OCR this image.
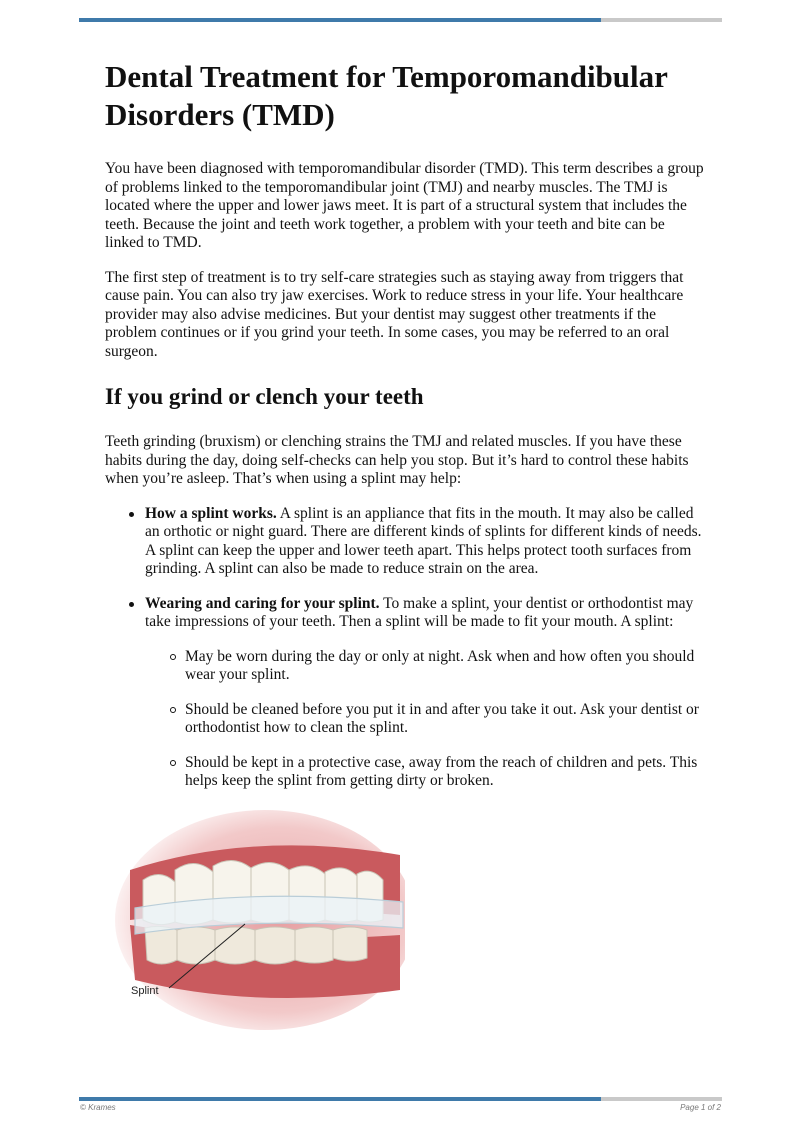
Dental Treatment for Temporomandibular Disorders (TMD)

You have been diagnosed with temporomandibular disorder (TMD). This term describes a group of problems linked to the temporomandibular joint (TMJ) and nearby muscles. The TMJ is located where the upper and lower jaws meet. It is part of a structural system that includes the teeth. Because the joint and teeth work together, a problem with your teeth and bite can be linked to TMD.

The first step of treatment is to try self-care strategies such as staying away from triggers that cause pain. You can also try jaw exercises. Work to reduce stress in your life. Your healthcare provider may also advise medicines. But your dentist may suggest other treatments if the problem continues or if you grind your teeth. In some cases, you may be referred to an oral surgeon.

If you grind or clench your teeth

Teeth grinding (bruxism) or clenching strains the TMJ and related muscles. If you have these habits during the day, doing self-checks can help you stop. But it’s hard to control these habits when you’re asleep. That’s when using a splint may help:

How a splint works. A splint is an appliance that fits in the mouth. It may also be called an orthotic or night guard. There are different kinds of splints for different kinds of needs. A splint can keep the upper and lower teeth apart. This helps protect tooth surfaces from grinding. A splint can also be made to reduce strain on the area.
Wearing and caring for your splint. To make a splint, your dentist or orthodontist may take impressions of your teeth. Then a splint will be made to fit your mouth. A splint:
May be worn during the day or only at night. Ask when and how often you should wear your splint.
Should be cleaned before you put it in and after you take it out. Ask your dentist or orthodontist how to clean the splint.
Should be kept in a protective case, away from the reach of children and pets. This helps keep the splint from getting dirty or broken.
Splint
© Krames	Page 1 of 2
